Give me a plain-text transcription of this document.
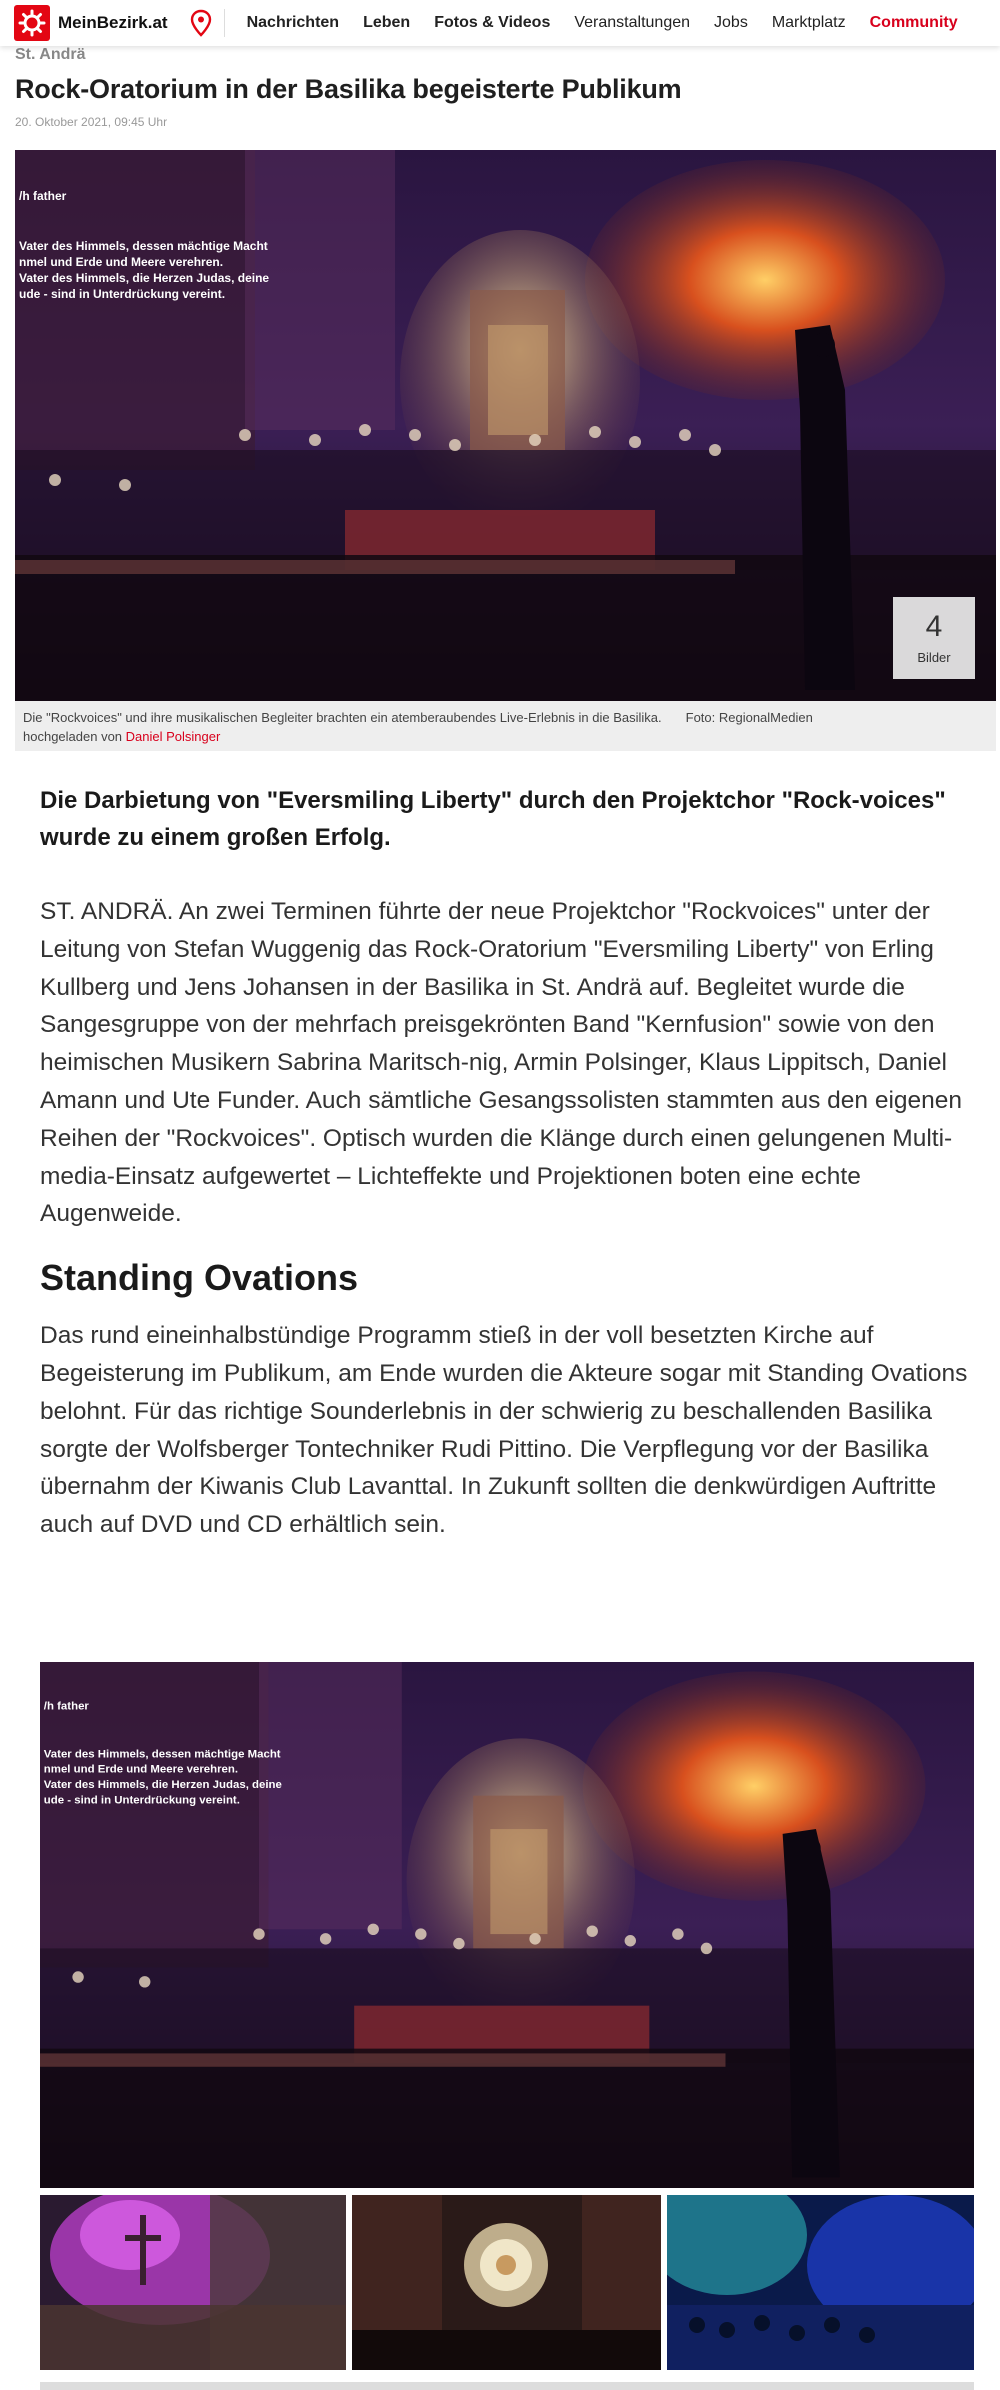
MeinBezirk.at	Nachrichten Leben Fotos & Videos Veranstaltungen Jobs Marktplatz Community
St. Andrä
Rock-Oratorium in der Basilika begeisterte Publikum
20. Oktober 2021, 09:45 Uhr
/h father
Vater des Himmels, dessen mächtige Macht
nmel und Erde und Meere verehren.
Vater des Himmels, die Herzen Judas, deine
ude - sind in Unterdrückung vereint.
4
Bilder
Die "Rockvoices" und ihre musikalischen Begleiter brachten ein atemberaubendes Live-Erlebnis in die Basilika. Foto: RegionalMedien
hochgeladen von Daniel Polsinger

Die Darbietung von "Eversmiling Liberty" durch den Projektchor "Rock-voices" wurde zu einem großen Erfolg.

ST. ANDRÄ. An zwei Terminen führte der neue Projektchor "Rockvoices" unter der Leitung von Stefan Wuggenig das Rock-Oratorium "Eversmiling Liberty" von Erling Kullberg und Jens Johansen in der Basilika in St. Andrä auf. Begleitet wurde die Sangesgruppe von der mehrfach preisgekrönten Band "Kernfusion" sowie von den heimischen Musikern Sabrina Maritsch-nig, Armin Polsinger, Klaus Lippitsch, Daniel Amann und Ute Funder. Auch sämtliche Gesangssolisten stammten aus den eigenen Reihen der "Rockvoices". Optisch wurden die Klänge durch einen gelungenen Multi-media-Einsatz aufgewertet – Lichteffekte und Projektionen boten eine echte Augenweide.

Standing Ovations

Das rund eineinhalbstündige Programm stieß in der voll besetzten Kirche auf Begeisterung im Publikum, am Ende wurden die Akteure sogar mit Standing Ovations belohnt. Für das richtige Sounderlebnis in der schwierig zu beschallenden Basilika sorgte der Wolfsberger Tontechniker Rudi Pittino. Die Verpflegung vor der Basilika übernahm der Kiwanis Club Lavanttal. In Zukunft sollten die denkwürdigen Auftritte auch auf DVD und CD erhältlich sein.

/h father
Vater des Himmels, dessen mächtige Macht
nmel und Erde und Meere verehren.
Vater des Himmels, die Herzen Judas, deine
ude - sind in Unterdrückung vereint.
